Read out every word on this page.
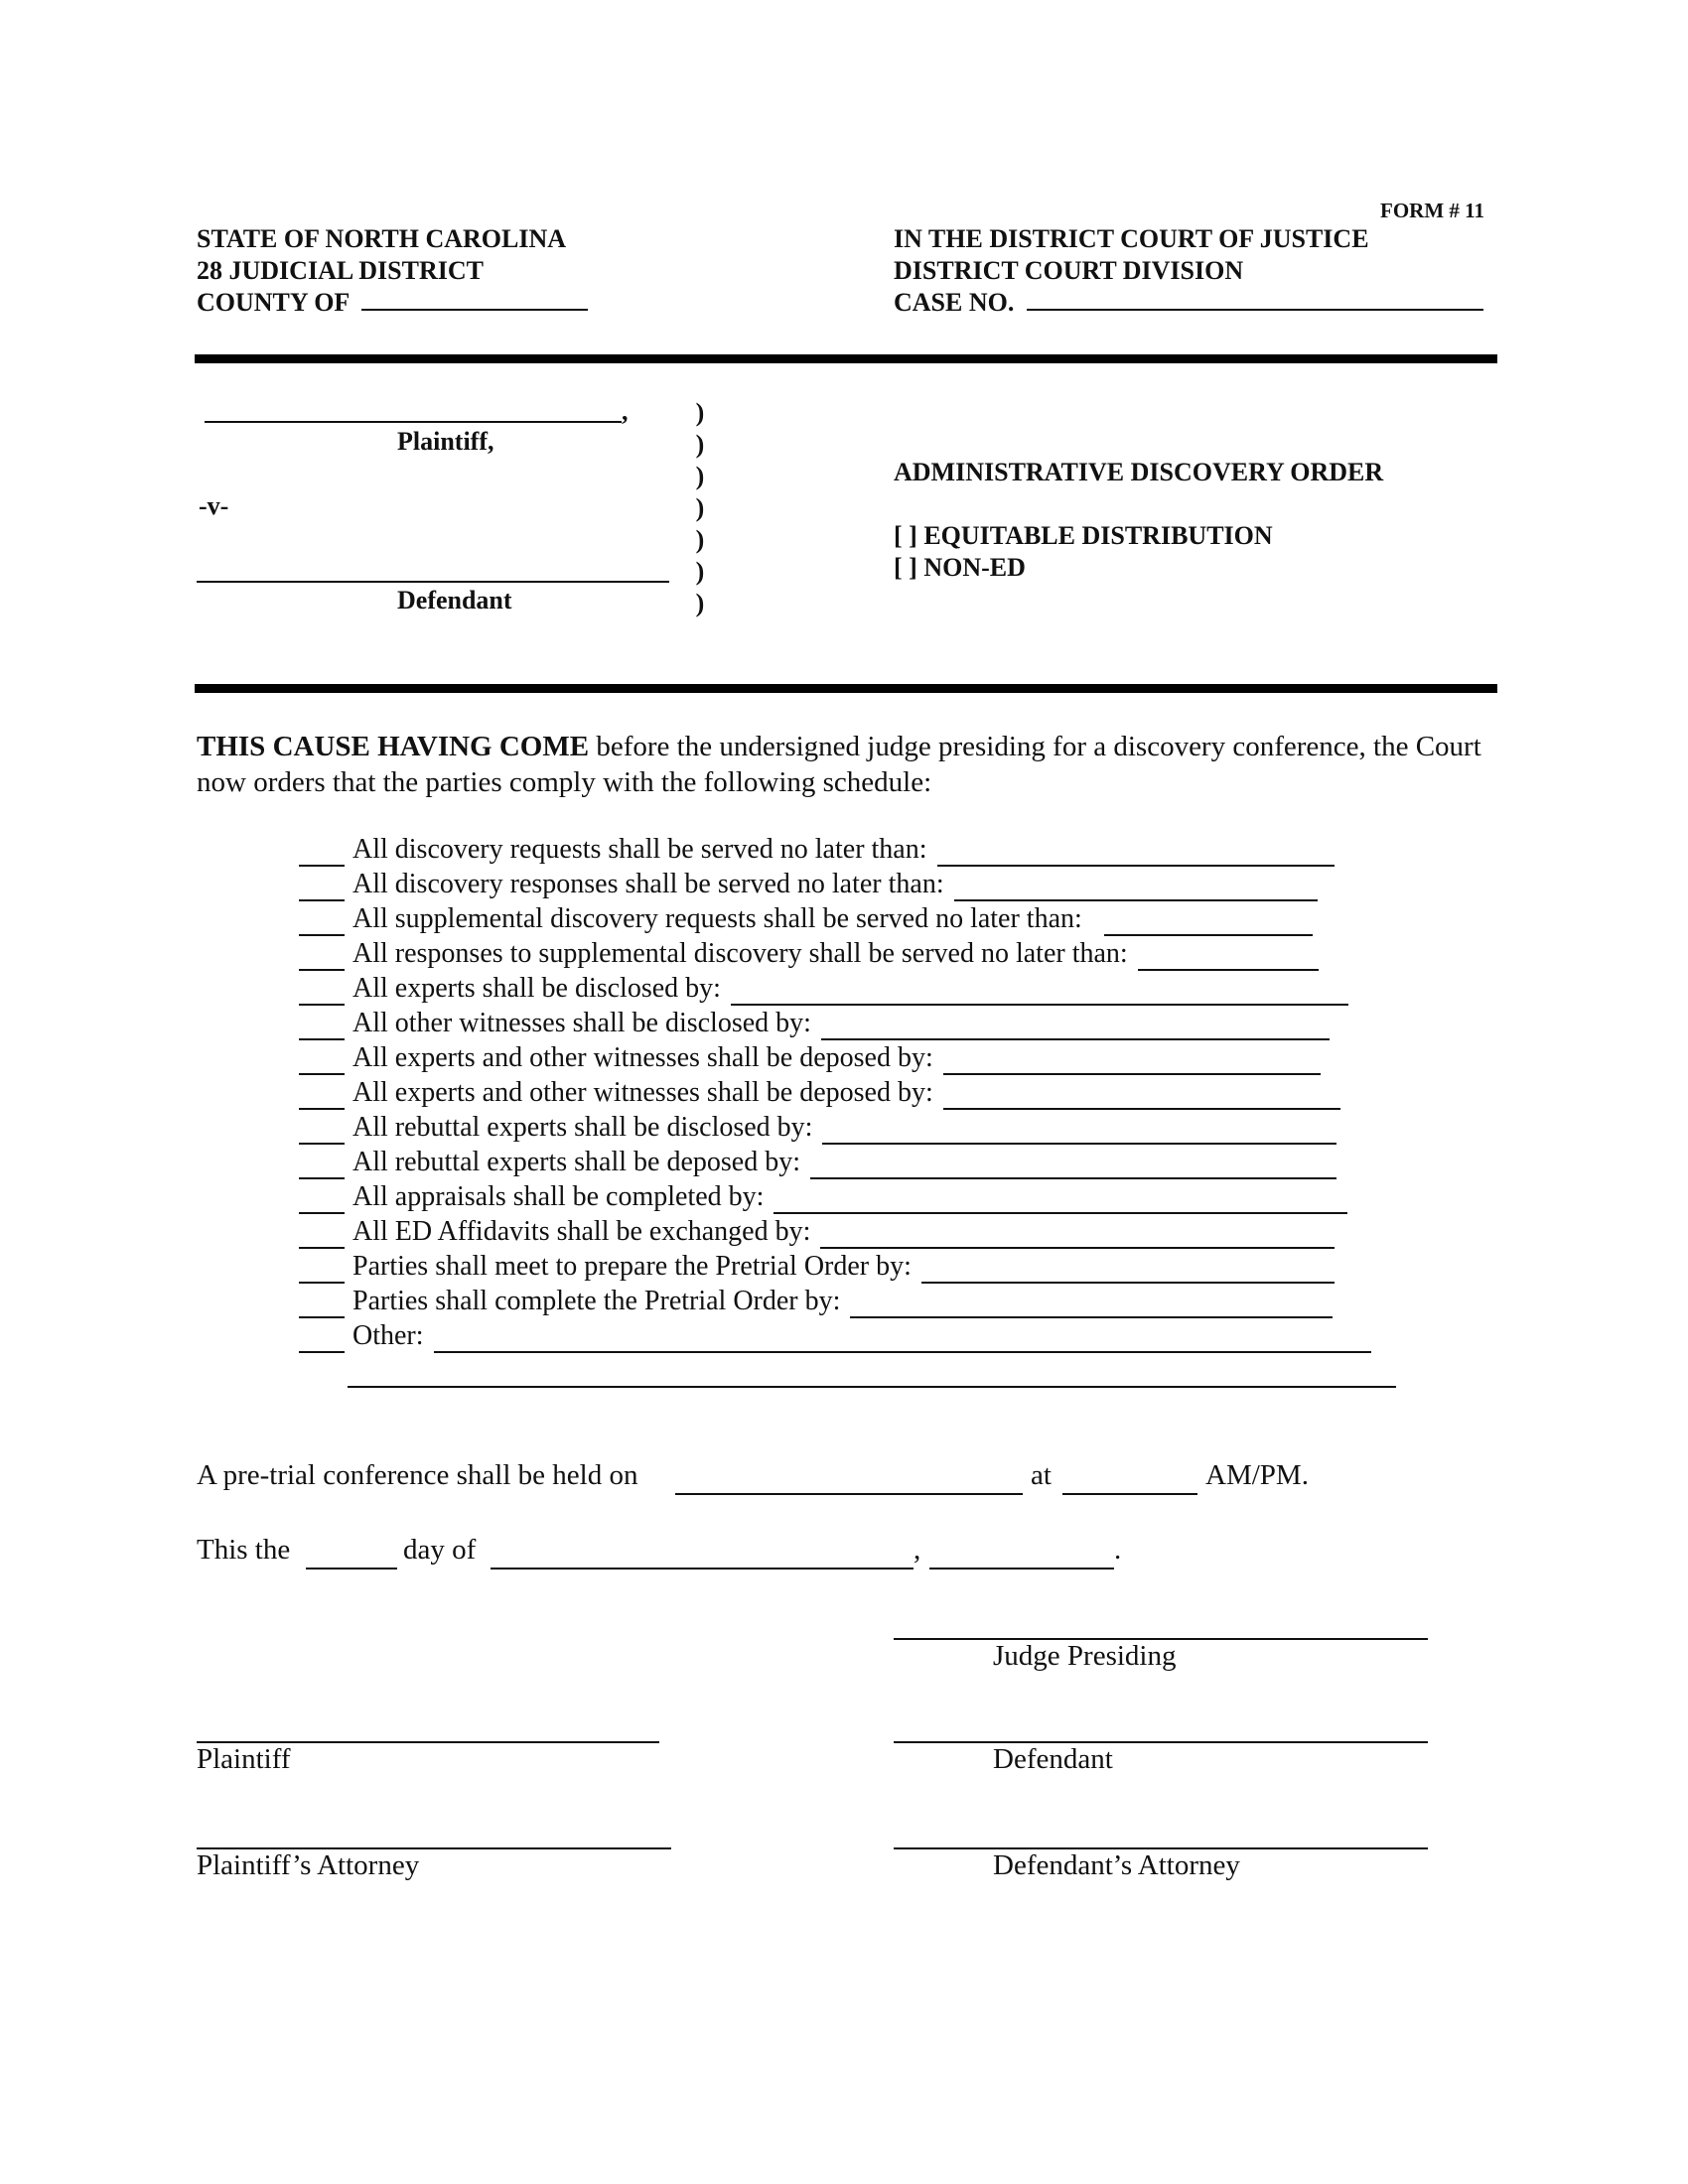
FORM # 11
STATE OF NORTH CAROLINA
28 JUDICIAL DISTRICT
COUNTY OF
IN THE DISTRICT COURT OF JUSTICE
DISTRICT COURT DIVISION
CASE NO.
,
Plaintiff,
-v-
Defendant
)
)
)
)
)
)
)
ADMINISTRATIVE DISCOVERY ORDER
[ ] EQUITABLE DISTRIBUTION
[ ] NON-ED
THIS CAUSE HAVING COME before the undersigned judge presiding for a discovery conference, the Court now orders that the parties comply with the following schedule:
All discovery requests shall be served no later than:
All discovery responses shall be served no later than:
All supplemental discovery requests shall be served no later than:
All responses to supplemental discovery shall be served no later than:
All experts shall be disclosed by:
All other witnesses shall be disclosed by:
All experts and other witnesses shall be deposed by:
All experts and other witnesses shall be deposed by:
All rebuttal experts shall be disclosed by:
All rebuttal experts shall be deposed by:
All appraisals shall be completed by:
All ED Affidavits shall be exchanged by:
Parties shall meet to prepare the Pretrial Order by:
Parties shall complete the Pretrial Order by:
Other:
A pre-trial conference shall be held on	at	AM/PM.
This the	day of	,	.
Judge Presiding
Plaintiff	Defendant
Plaintiff’s Attorney	Defendant’s Attorney
